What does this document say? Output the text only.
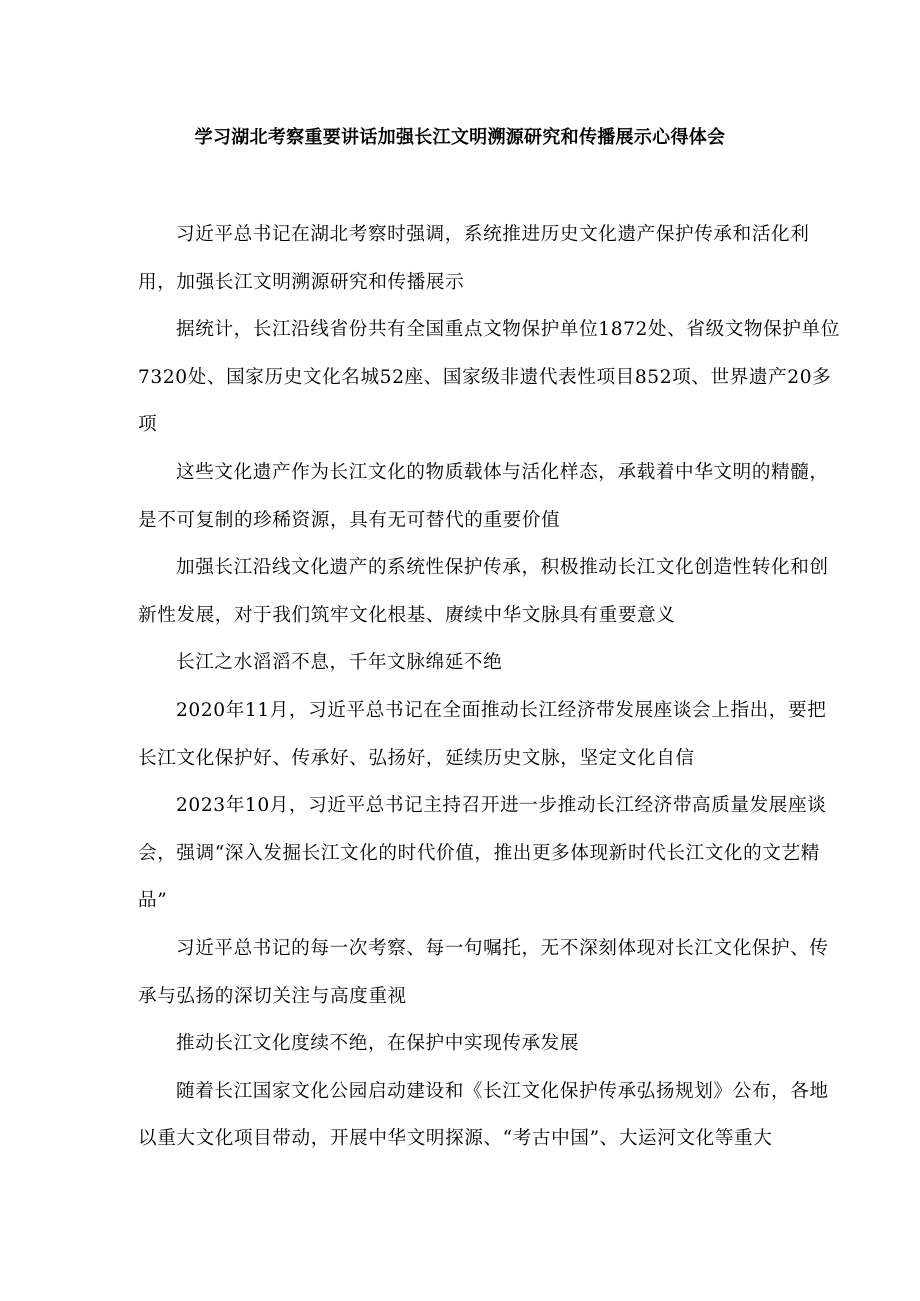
学习湖北考察重要讲话加强长江文明溯源研究和传播展示心得体会

习近平总书记在湖北考察时强调，系统推进历史文化遗产保护传承和活化利用，加强长江文明溯源研究和传播展示

据统计，长江沿线省份共有全国重点文物保护单位1872处、省级文物保护单位7320处、国家历史文化名城52座、国家级非遗代表性项目852项、世界遗产20多项

这些文化遗产作为长江文化的物质载体与活化样态，承载着中华文明的精髓，是不可复制的珍稀资源，具有无可替代的重要价值

加强长江沿线文化遗产的系统性保护传承，积极推动长江文化创造性转化和创新性发展，对于我们筑牢文化根基、赓续中华文脉具有重要意义

长江之水滔滔不息，千年文脉绵延不绝

2020年11月，习近平总书记在全面推动长江经济带发展座谈会上指出，要把长江文化保护好、传承好、弘扬好，延续历史文脉，坚定文化自信

2023年10月，习近平总书记主持召开进一步推动长江经济带高质量发展座谈会，强调“深入发掘长江文化的时代价值，推出更多体现新时代长江文化的文艺精品”

习近平总书记的每一次考察、每一句嘱托，无不深刻体现对长江文化保护、传承与弘扬的深切关注与高度重视

推动长江文化度续不绝，在保护中实现传承发展

随着长江国家文化公园启动建设和《长江文化保护传承弘扬规划》公布，各地以重大文化项目带动，开展中华文明探源、“考古中国”、大运河文化等重大
